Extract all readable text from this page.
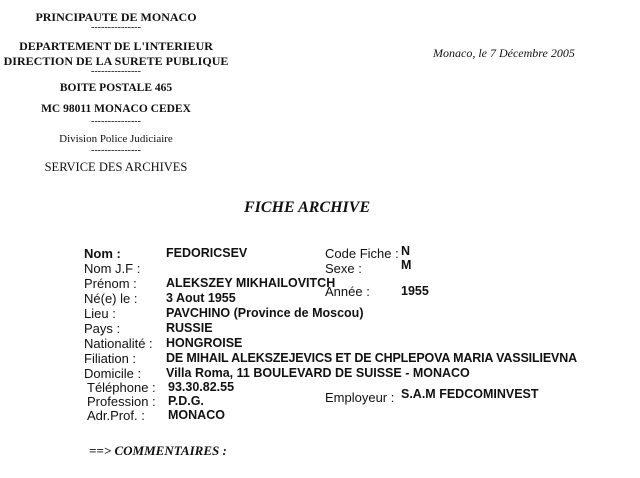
PRINCIPAUTE DE MONACO
---------------
DEPARTEMENT DE L'INTERIEUR
DIRECTION DE LA SURETE PUBLIQUE
---------------
BOITE POSTALE 465
MC 98011 MONACO CEDEX
---------------
Division Police Judiciaire
---------------
SERVICE DES ARCHIVES
Monaco, le 7 Décembre 2005
FICHE ARCHIVE
Nom :
Nom J.F :
Prénom :
Né(e) le :
Lieu :
Pays :
Nationalité :
Filiation :
Domicile :
FEDORICSEV
ALEKSZEY MIKHAILOVITCH
3 Aout 1955
PAVCHINO (Province de Moscou)
RUSSIE
HONGROISE
DE MIHAIL ALEKSZEJEVICS ET DE CHPLEPOVA MARIA VASSILIEVNA
Villa Roma, 11 BOULEVARD DE SUISSE - MONACO
Code Fiche : N
Sexe :	M
Année : 1955
Téléphone : 93.30.82.55
Profession : P.D.G.
Adr.Prof. : MONACO
Employeur : S.A.M FEDCOMINVEST
==> COMMENTAIRES :
